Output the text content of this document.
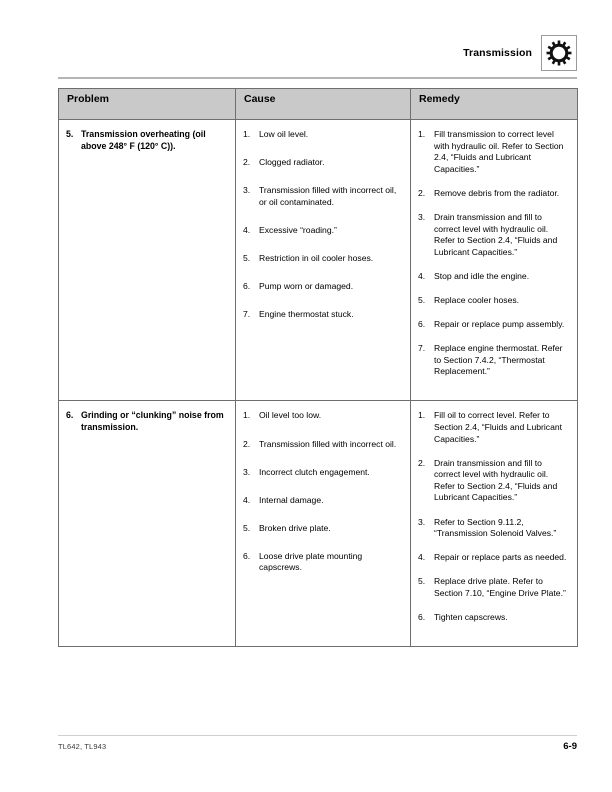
Transmission
Problem	Cause	Remedy

5. Transmission overheating (oil above 248° F (120° C)).

1.	Low oil level.
2.	Clogged radiator.
3.	Transmission filled with incorrect oil, or oil contaminated.
4.	Excessive “roading.”
5.	Restriction in oil cooler hoses.
6.	Pump worn or damaged.
7.	Engine thermostat stuck.

1.	Fill transmission to correct level with hydraulic oil. Refer to Section 2.4, “Fluids and Lubricant Capacities.”
2.	Remove debris from the radiator.
3.	Drain transmission and fill to correct level with hydraulic oil. Refer to Section 2.4, “Fluids and Lubricant Capacities.”
4.	Stop and idle the engine.
5.	Replace cooler hoses.
6.	Repair or replace pump assembly.
7.	Replace engine thermostat. Refer to Section 7.4.2, “Thermostat Replacement.”

6. Grinding or “clunking” noise from transmission.

1.	Oil level too low.
2.	Transmission filled with incorrect oil.
3.	Incorrect clutch engagement.
4.	Internal damage.
5.	Broken drive plate.
6.	Loose drive plate mounting capscrews.

1.	Fill oil to correct level. Refer to Section 2.4, “Fluids and Lubricant Capacities.”
2.	Drain transmission and fill to correct level with hydraulic oil. Refer to Section 2.4, “Fluids and Lubricant Capacities.”
3.	Refer to Section 9.11.2, “Transmission Solenoid Valves.”
4.	Repair or replace parts as needed.
5.	Replace drive plate. Refer to Section 7.10, “Engine Drive Plate.”
6.	Tighten capscrews.
TL642, TL943	6-9
